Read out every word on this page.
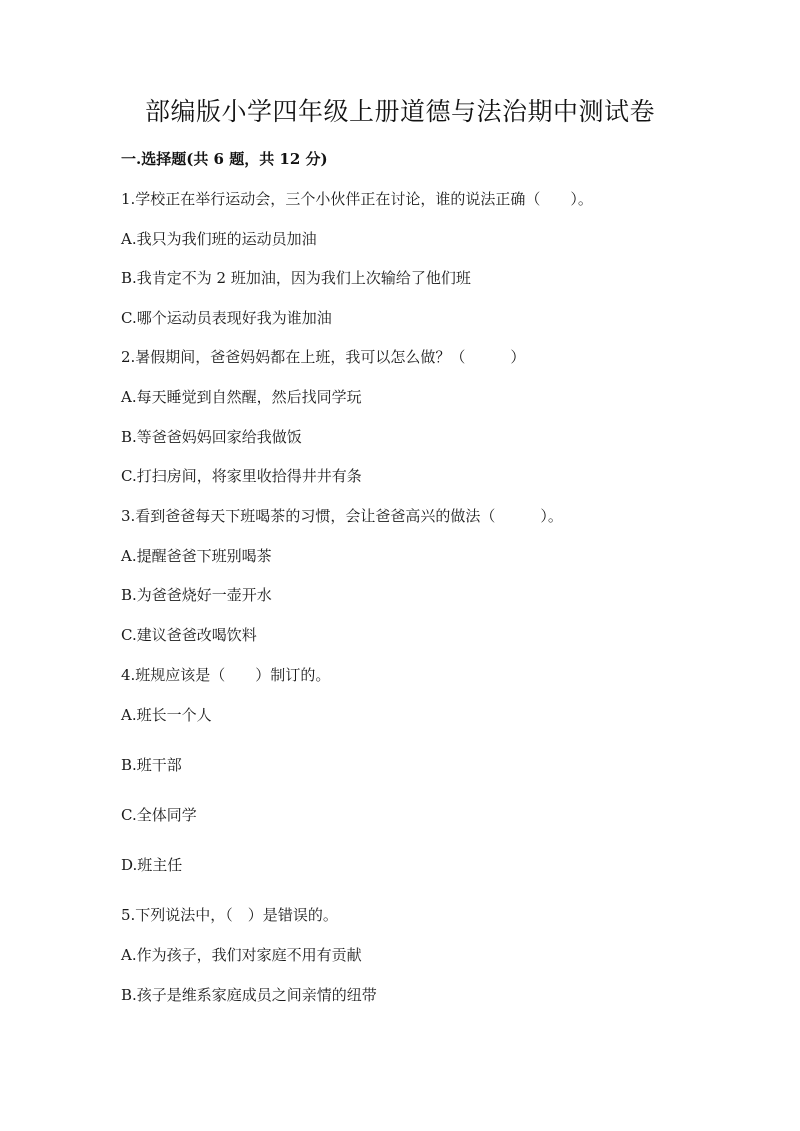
部编版小学四年级上册道德与法治期中测试卷
一.选择题(共 6 题，共 12 分)
1.学校正在举行运动会，三个小伙伴正在讨论，谁的说法正确（　　）。
A.我只为我们班的运动员加油
B.我肯定不为 2 班加油，因为我们上次输给了他们班
C.哪个运动员表现好我为谁加油
2.暑假期间，爸爸妈妈都在上班，我可以怎么做？（　　　）
A.每天睡觉到自然醒，然后找同学玩
B.等爸爸妈妈回家给我做饭
C.打扫房间，将家里收拾得井井有条
3.看到爸爸每天下班喝茶的习惯，会让爸爸高兴的做法（　　　）。
A.提醒爸爸下班别喝茶
B.为爸爸烧好一壶开水
C.建议爸爸改喝饮料
4.班规应该是（　　）制订的。
A.班长一个人
B.班干部
C.全体同学
D.班主任
5.下列说法中，（　）是错误的。
A.作为孩子，我们对家庭不用有贡献
B.孩子是维系家庭成员之间亲情的纽带
